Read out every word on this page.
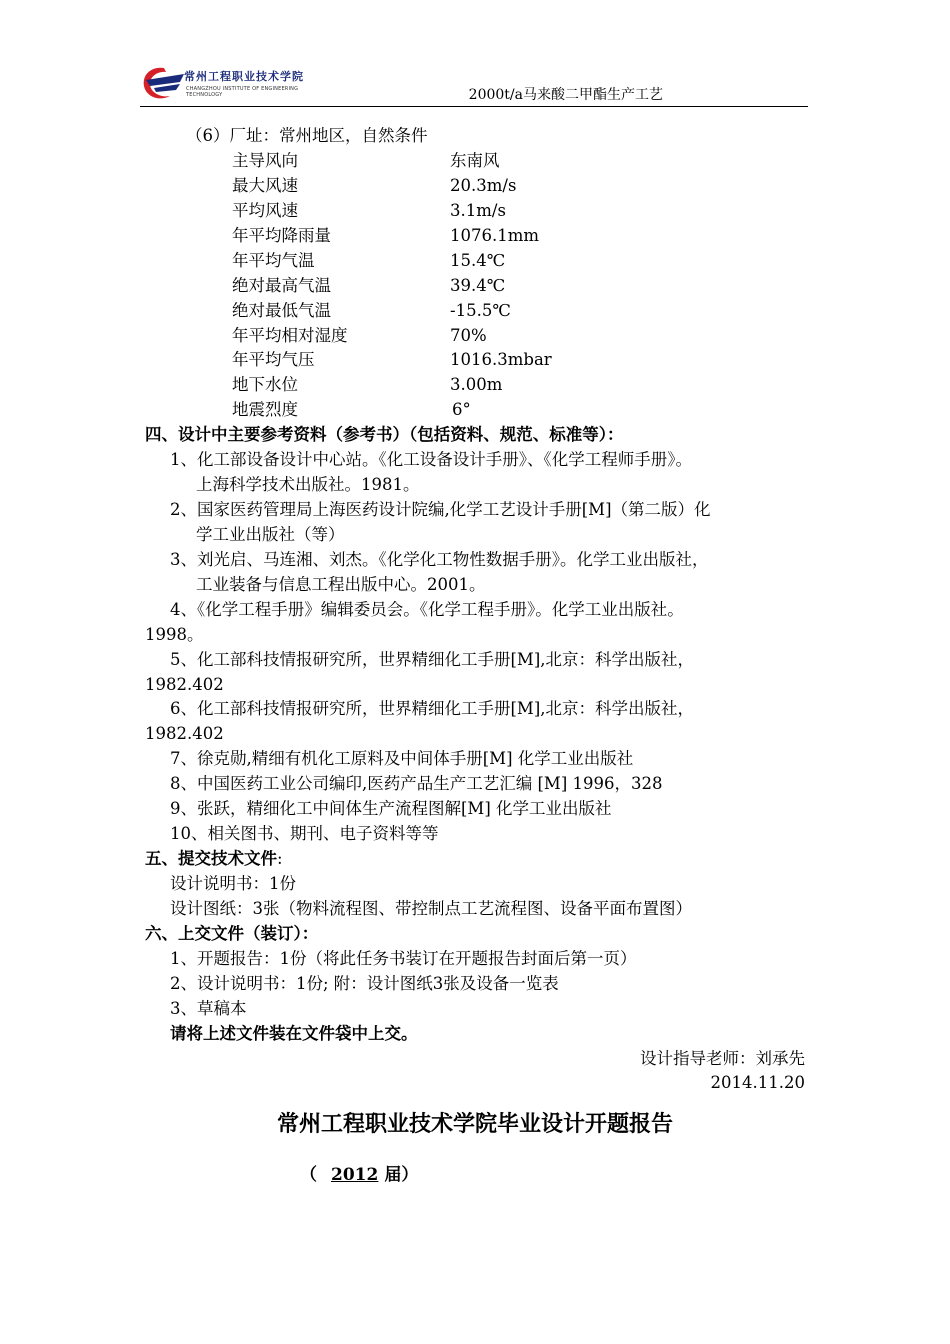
常州工程职业技术学院
CHANGZHOU INSTITUTE OF ENGINEERING TECHNOLOGY	2000t/a马来酸二甲酯生产工艺
（6）厂址：常州地区，自然条件
主导风向	东南风
最大风速	20.3m/s
平均风速	3.1m/s
年平均降雨量	1076.1mm
年平均气温	15.4℃
绝对最高气温	39.4℃
绝对最低气温	-15.5℃
年平均相对湿度	70%
年平均气压	1016.3mbar
地下水位	3.00m
地震烈度	6°
四、设计中主要参考资料（参考书）（包括资料、规范、标准等）：
1、化工部设备设计中心站。《化工设备设计手册》、《化学工程师手册》。
上海科学技术出版社。1981。
2、国家医药管理局上海医药设计院编,化学工艺设计手册[M]（第二版）化
学工业出版社（等）
3、刘光启、马连湘、刘杰。《化学化工物性数据手册》。化学工业出版社，
工业装备与信息工程出版中心。2001。
4、《化学工程手册》编辑委员会。《化学工程手册》。化学工业出版社。
1998。
5、化工部科技情报研究所，世界精细化工手册[M],北京：科学出版社，
1982.402
6、化工部科技情报研究所，世界精细化工手册[M],北京：科学出版社，
1982.402
7、徐克勋,精细有机化工原料及中间体手册[M] 化学工业出版社
8、中国医药工业公司编印,医药产品生产工艺汇编 [M] 1996，328
9、张跃，精细化工中间体生产流程图解[M] 化学工业出版社
10、相关图书、期刊、电子资料等等
五、提交技术文件:
设计说明书：1份
设计图纸：3张（物料流程图、带控制点工艺流程图、设备平面布置图）
六、上交文件（装订）：
1、开题报告：1份（将此任务书装订在开题报告封面后第一页）
2、设计说明书：1份; 附：设计图纸3张及设备一览表
3、草稿本
请将上述文件装在文件袋中上交。
设计指导老师：刘承先
2014.11.20
常州工程职业技术学院毕业设计开题报告
（ 2012 届）
